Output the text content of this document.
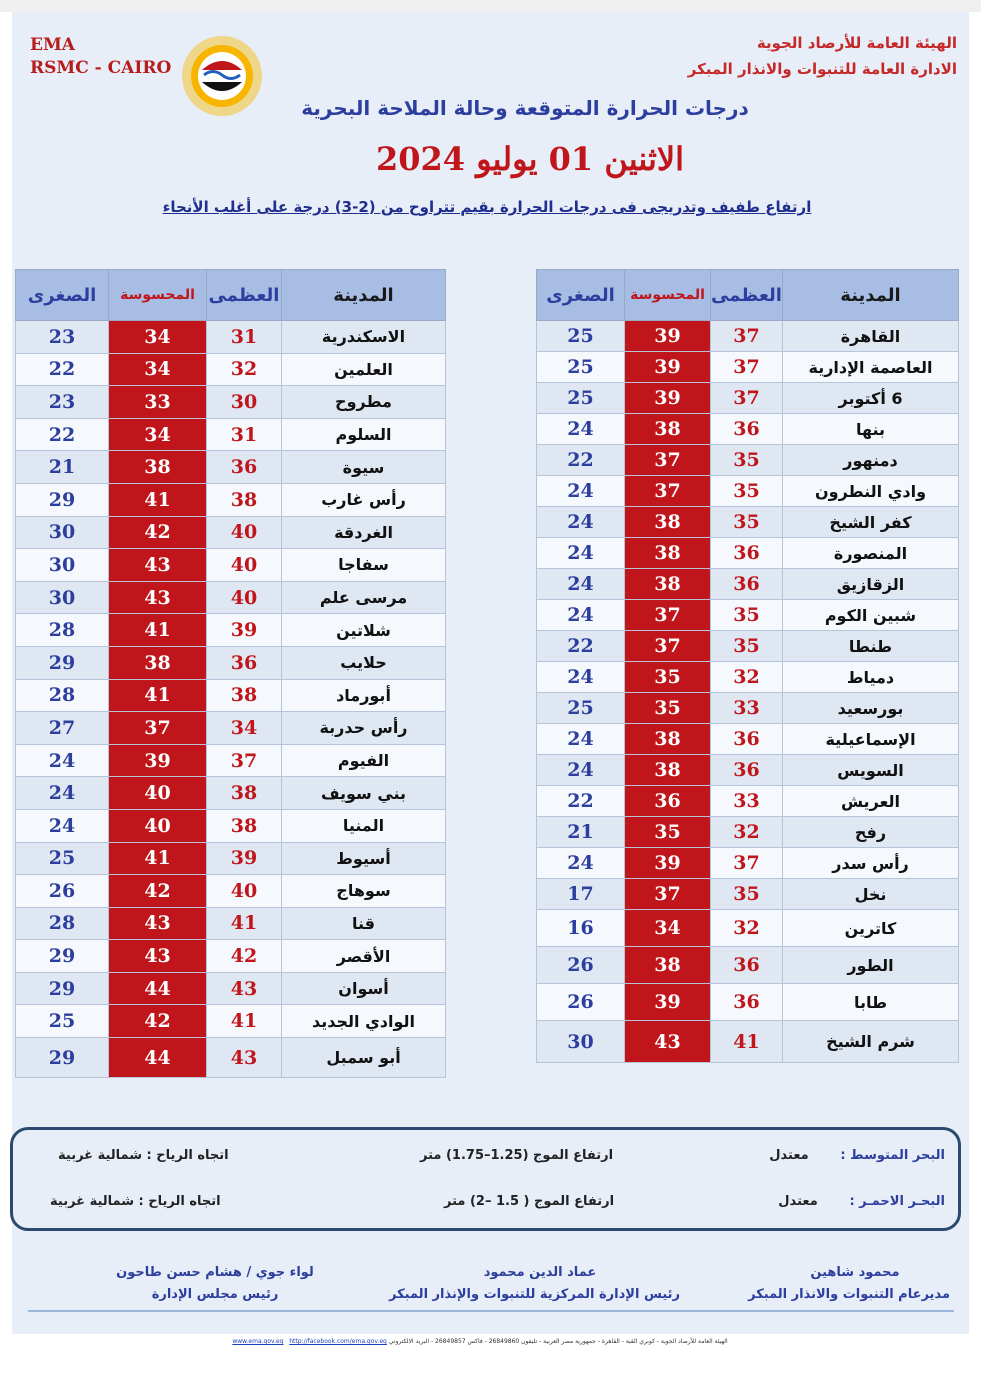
EMA
RSMC - CAIRO
الهيئة العامة للأرصاد الجوية
الادارة العامة للتنبوات والانذار المبكر
درجات الحرارة المتوقعة وحالة الملاحة البحرية
الاثنين 01 يوليو 2024
ارتفاع طفيف وتدريجى فى درجات الحرارة بقيم تتراوح من (2-3) درجة على أغلب الأنحاء
المدينة	العظمى	المحسوسة	الصغرى
القاهرة	37	39	25
العاصمة الإدارية	37	39	25
6 أكتوبر	37	39	25
بنها	36	38	24
دمنهور	35	37	22
وادي النطرون	35	37	24
كفر الشيخ	35	38	24
المنصورة	36	38	24
الزقازيق	36	38	24
شبين الكوم	35	37	24
طنطا	35	37	22
دمياط	32	35	24
بورسعيد	33	35	25
الإسماعيلية	36	38	24
السويس	36	38	24
العريش	33	36	22
رفح	32	35	21
رأس سدر	37	39	24
نخل	35	37	17
كاترين	32	34	16
الطور	36	38	26
طابا	36	39	26
شرم الشيخ	41	43	30
المدينة	العظمى	المحسوسة	الصغرى
الاسكندرية	31	34	23
العلمين	32	34	22
مطروح	30	33	23
السلوم	31	34	22
سيوة	36	38	21
رأس غارب	38	41	29
الغردقة	40	42	30
سفاجا	40	43	30
مرسى علم	40	43	30
شلاتين	39	41	28
حلايب	36	38	29
أبورماد	38	41	28
رأس حدربة	34	37	27
الفيوم	37	39	24
بني سويف	38	40	24
المنيا	38	40	24
أسيوط	39	41	25
سوهاج	40	42	26
قنا	41	43	28
الأقصر	42	43	29
أسوان	43	44	29
الوادي الجديد	41	42	25
أبو سمبل	43	44	29
البحر المتوسط :       معتدل
ارتفاع الموج (1.25–1.75) متر
اتجاه الرياح : شمالية غربية
البحـر الاحمـر :       معتدل
ارتفاع الموج ( 1.5 –2) متر
اتجاه الرياح : شمالية غربية
محمود شاهين
مديرعام التنبوات والانذار المبكر
عماد الدين محمود
رئيس الإدارة المركزية للتنبوات والإنذار المبكر
لواء جوي / هشام حسن طاحون
رئيس مجلس الإدارة
الهيئة العامة للأرصاد الجوية - كوبري القبة - القاهرة - جمهورية مصر العربية - تليفون 26849860 - فاكس 26849857 - البريد الالكتروني www.ema.gov.eg http://facebook.com/ema.gov.eg
